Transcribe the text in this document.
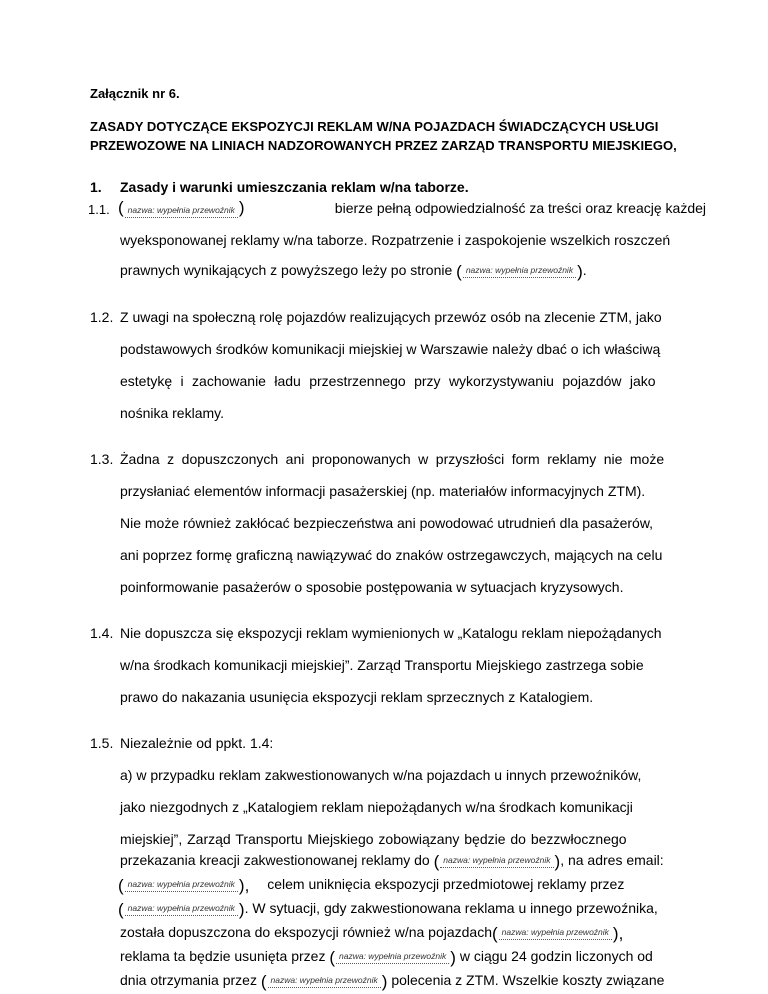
Załącznik nr 6.
ZASADY DOTYCZĄCE EKSPOZYCJI REKLAM W/NA POJAZDACH ŚWIADCZĄCYCH USŁUGI
PRZEWOZOWE NA LINIACH NADZOROWANYCH PRZEZ ZARZĄD TRANSPORTU MIEJSKIEGO,
1. Zasady i warunki umieszczania reklam w/na taborze.
1.1. ( nazwa: wypełnia przewoźnik )	bierze pełną odpowiedzialność za treści oraz kreację każdej
wyeksponowanej reklamy w/na taborze. Rozpatrzenie i zaspokojenie wszelkich roszczeń
prawnych wynikających z powyższego leży po stronie ( nazwa: wypełnia przewoźnik ) .
1.2. Z uwagi na społeczną rolę pojazdów realizujących przewóz osób na zlecenie ZTM, jako
podstawowych środków komunikacji miejskiej w Warszawie należy dbać o ich właściwą
estetykę i zachowanie ładu przestrzennego przy wykorzystywaniu pojazdów jako
nośnika reklamy.
1.3. Żadna z dopuszczonych ani proponowanych w przyszłości form reklamy nie może
przysłaniać elementów informacji pasażerskiej (np. materiałów informacyjnych ZTM).
Nie może również zakłócać bezpieczeństwa ani powodować utrudnień dla pasażerów,
ani poprzez formę graficzną nawiązywać do znaków ostrzegawczych, mających na celu
poinformowanie pasażerów o sposobie postępowania w sytuacjach kryzysowych.
1.4. Nie dopuszcza się ekspozycji reklam wymienionych w „Katalogu reklam niepożądanych
w/na środkach komunikacji miejskiej”. Zarząd Transportu Miejskiego zastrzega sobie
prawo do nakazania usunięcia ekspozycji reklam sprzecznych z Katalogiem.
1.5. Niezależnie od ppkt. 1.4:
a) w przypadku reklam zakwestionowanych w/na pojazdach u innych przewoźników,
jako niezgodnych z „Katalogiem reklam niepożądanych w/na środkach komunikacji
miejskiej”, Zarząd Transportu Miejskiego zobowiązany będzie do bezzwłocznego
przekazania kreacji zakwestionowanej reklamy do ( nazwa: wypełnia przewoźnik ) , na adres email:
( nazwa: wypełnia przewoźnik ), celem uniknięcia ekspozycji przedmiotowej reklamy przez
( nazwa: wypełnia przewoźnik ) . W sytuacji, gdy zakwestionowana reklama u innego przewoźnika,
została dopuszczona do ekspozycji również w/na pojazdach ( nazwa: wypełnia przewoźnik ),
reklama ta będzie usunięta przez ( nazwa: wypełnia przewoźnik ) w ciągu 24 godzin liczonych od
dnia otrzymania przez ( nazwa: wypełnia przewoźnik ) polecenia z ZTM. Wszelkie koszty związane
